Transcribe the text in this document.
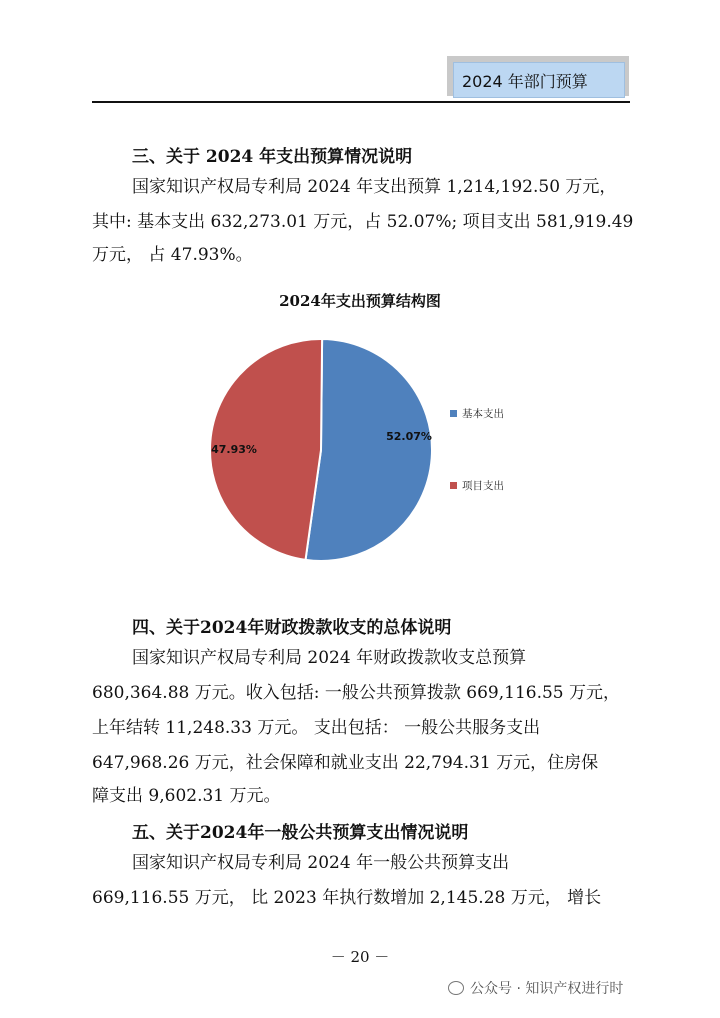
2024 年部门预算
三、关于 2024 年支出预算情况说明
国家知识产权局专利局 2024 年支出预算 1,214,192.50 万元，
其中: 基本支出 632,273.01 万元，占 52.07%; 项目支出 581,919.49
万元， 占 47.93%。
2024年支出预算结构图
52.07%
47.93%
基本支出
项目支出
四、关于2024年财政拨款收支的总体说明
国家知识产权局专利局 2024 年财政拨款收支总预算
680,364.88 万元。收入包括: 一般公共预算拨款 669,116.55 万元，
上年结转 11,248.33 万元。 支出包括： 一般公共服务支出
647,968.26 万元，社会保障和就业支出 22,794.31 万元，住房保
障支出 9,602.31 万元。
五、关于2024年一般公共预算支出情况说明
国家知识产权局专利局 2024 年一般公共预算支出
669,116.55 万元， 比 2023 年执行数增加 2,145.28 万元， 增长
－ 20 －
公众号 · 知识产权进行时
